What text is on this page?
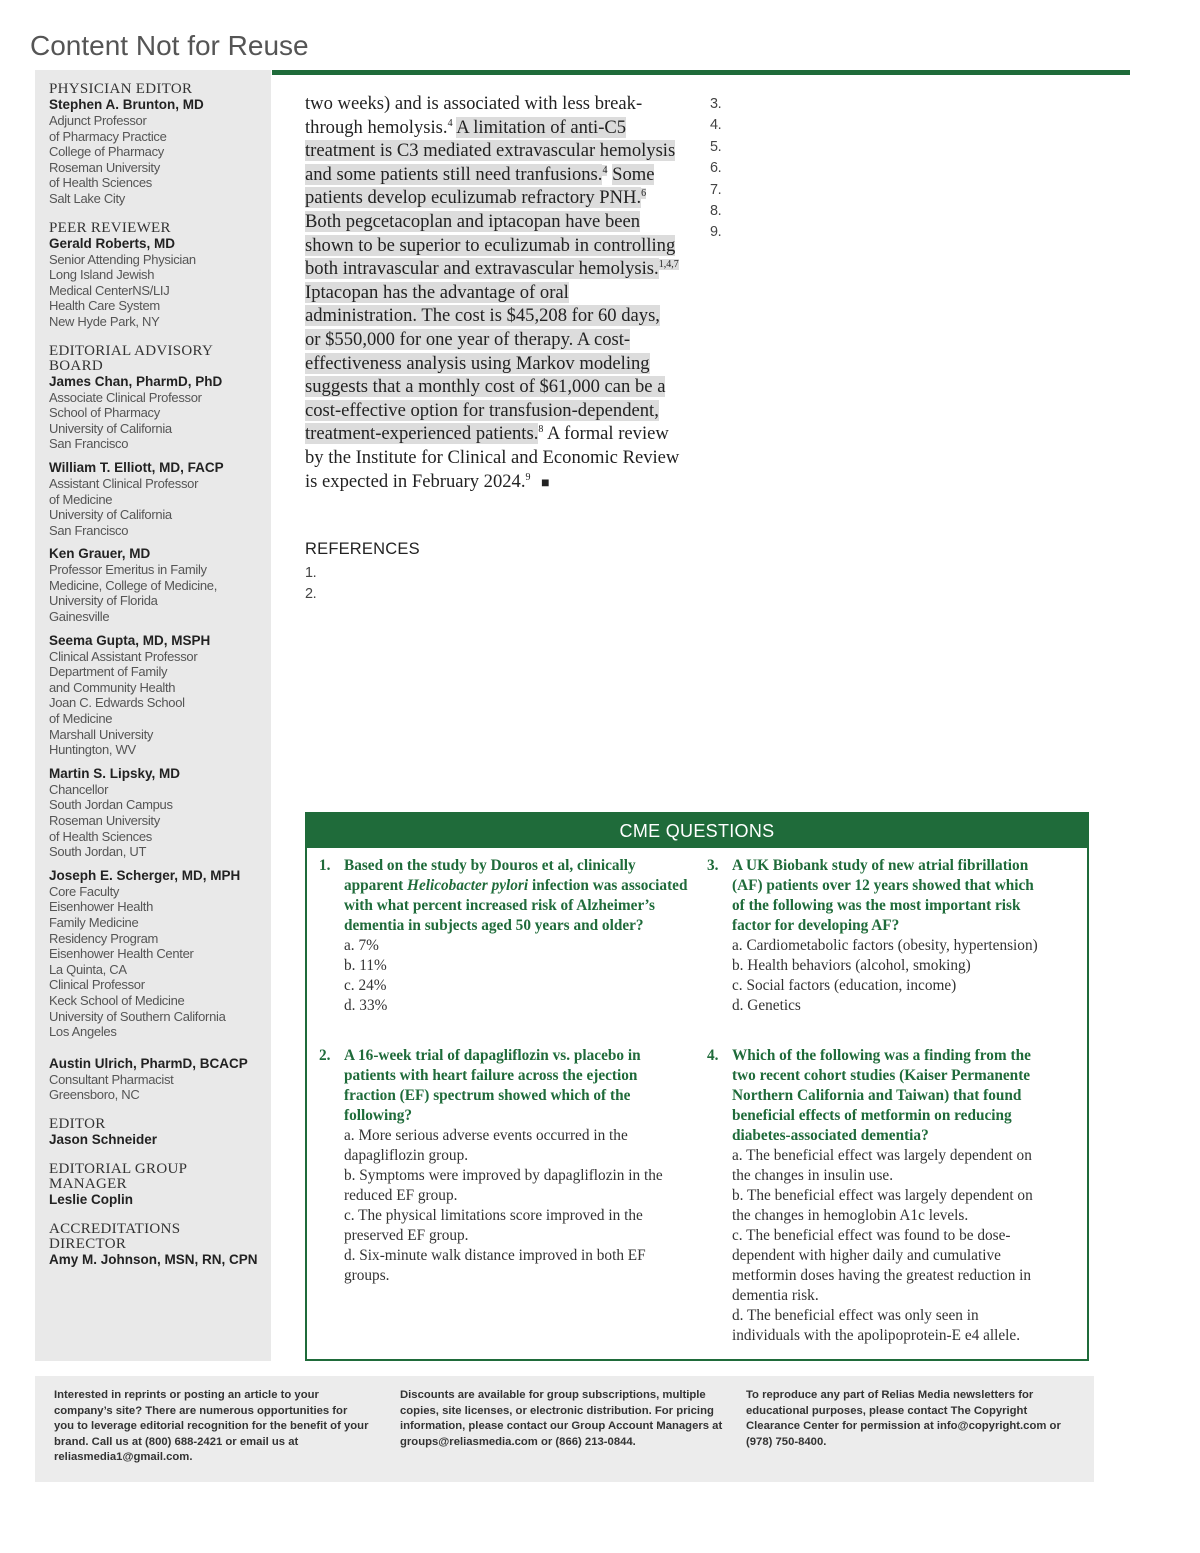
Content Not for Reuse
PHYSICIAN EDITOR
Stephen A. Brunton, MD
Adjunct Professor
of Pharmacy Practice
College of Pharmacy
Roseman University
of Health Sciences
Salt Lake City
PEER REVIEWER
Gerald Roberts, MD
Senior Attending Physician
Long Island Jewish
Medical CenterNS/LIJ
Health Care System
New Hyde Park, NY
EDITORIAL ADVISORY
BOARD
James Chan, PharmD, PhD
Associate Clinical Professor
School of Pharmacy
University of California
San Francisco
William T. Elliott, MD, FACP
Assistant Clinical Professor
of Medicine
University of California
San Francisco
Ken Grauer, MD
Professor Emeritus in Family
Medicine, College of Medicine,
University of Florida
Gainesville
Seema Gupta, MD, MSPH
Clinical Assistant Professor
Department of Family
and Community Health
Joan C. Edwards School
of Medicine
Marshall University
Huntington, WV
Martin S. Lipsky, MD
Chancellor
South Jordan Campus
Roseman University
of Health Sciences
South Jordan, UT
Joseph E. Scherger, MD, MPH
Core Faculty
Eisenhower Health
Family Medicine
Residency Program
Eisenhower Health Center
La Quinta, CA
Clinical Professor
Keck School of Medicine
University of Southern California
Los Angeles
Austin Ulrich, PharmD, BCACP
Consultant Pharmacist
Greensboro, NC
EDITOR
Jason Schneider
EDITORIAL GROUP
MANAGER
Leslie Coplin
ACCREDITATIONS
DIRECTOR
Amy M. Johnson, MSN, RN, CPN
two weeks) and is associated with less break-through hemolysis.$^4$ A limitation of anti-C5 treatment is C3 mediated extravascular hemolysis and some patients still need tranfusions.$^4$ Some patients develop eculizumab refractory PNH.$^6$ Both pegcetacoplan and iptacopan have been shown to be superior to eculizumab in controlling both intravascular and extravascular hemolysis.$^{1,4,7}$ Iptacopan has the advantage of oral administration. The cost is $45,208 for 60 days, or $550,000 for one year of therapy. A cost-effectiveness analysis using Markov modeling suggests that a monthly cost of $61,000 can be a cost-effective option for transfusion-dependent, treatment-experienced patients.$^8$ A formal review by the Institute for Clinical and Economic Review is expected in February 2024.$^9$ ■
REFERENCES
1.
2.
3.
4.
5.
6.
7.
8.
9.
CME QUESTIONS
1. Based on the study by Douros et al, clinically apparent Helicobacter pylori infection was associated with what percent increased risk of Alzheimer’s dementia in subjects aged 50 years and older?
a. 7%
b. 11%
c. 24%
d. 33%
2. A 16-week trial of dapagliflozin vs. placebo in patients with heart failure across the ejection fraction (EF) spectrum showed which of the following?
a. More serious adverse events occurred in the dapagliflozin group.
b. Symptoms were improved by dapagliflozin in the reduced EF group.
c. The physical limitations score improved in the preserved EF group.
d. Six-minute walk distance improved in both EF groups.
3. A UK Biobank study of new atrial fibrillation (AF) patients over 12 years showed that which of the following was the most important risk factor for developing AF?
a. Cardiometabolic factors (obesity, hypertension)
b. Health behaviors (alcohol, smoking)
c. Social factors (education, income)
d. Genetics
4. Which of the following was a finding from the two recent cohort studies (Kaiser Permanente Northern California and Taiwan) that found beneficial effects of metformin on reducing diabetes-associated dementia?
a. The beneficial effect was largely dependent on the changes in insulin use.
b. The beneficial effect was largely dependent on the changes in hemoglobin A1c levels.
c. The beneficial effect was found to be dose-dependent with higher daily and cumulative metformin doses having the greatest reduction in dementia risk.
d. The beneficial effect was only seen in individuals with the apolipoprotein-E e4 allele.
Interested in reprints or posting an article to your company’s site? There are numerous opportunities for you to leverage editorial recognition for the benefit of your brand. Call us at (800) 688-2421 or email us at reliasmedia1@gmail.com.
Discounts are available for group subscriptions, multiple copies, site licenses, or electronic distribution. For pricing information, please contact our Group Account Managers at groups@reliasmedia.com or (866) 213-0844.
To reproduce any part of Relias Media newsletters for educational purposes, please contact The Copyright Clearance Center for permission at info@copyright.com or (978) 750-8400.
